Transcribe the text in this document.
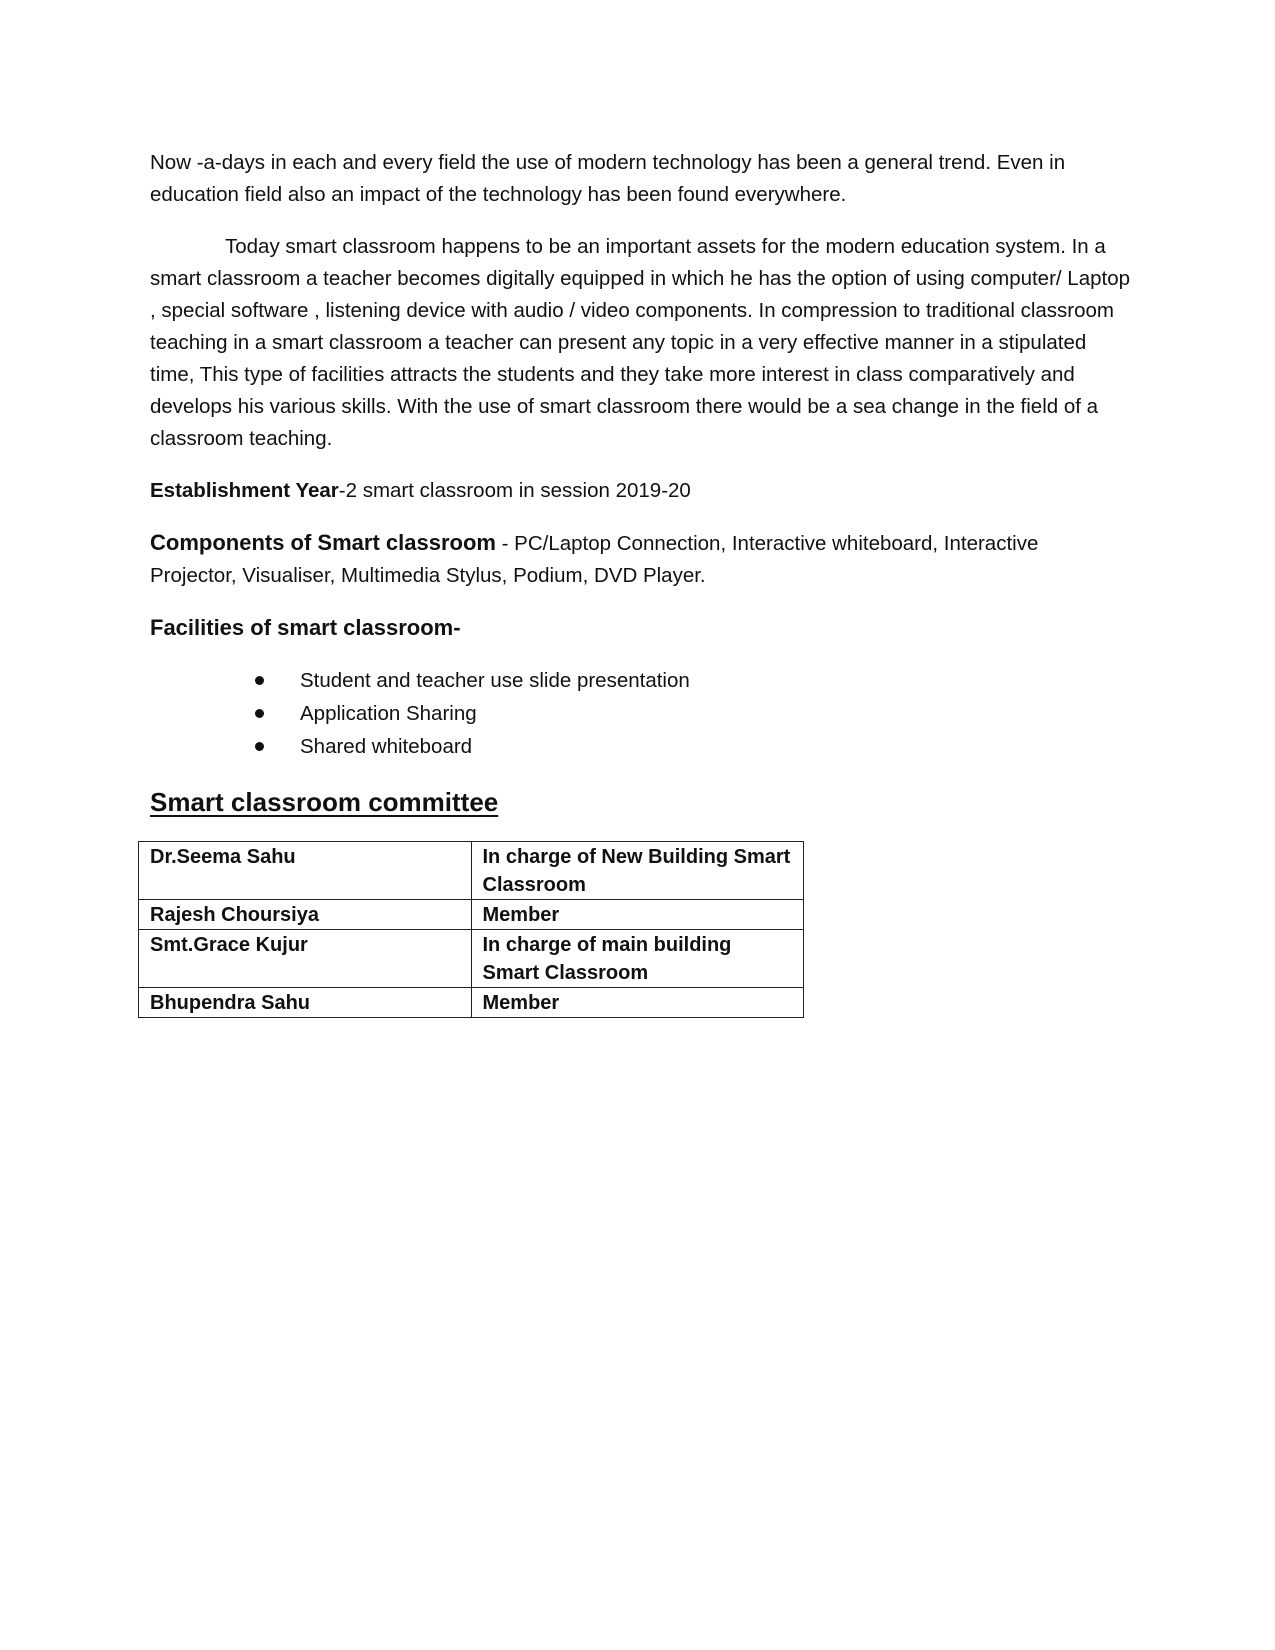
Now -a-days in each and every field the use of modern technology has been a general trend. Even in education field also an impact of the technology has been found everywhere.

Today smart classroom happens to be an important assets for the modern education system. In a smart classroom a teacher becomes digitally equipped in which he has the option of using computer/ Laptop , special software , listening device with audio / video components. In compression to traditional classroom teaching in a smart classroom a teacher can present any topic in a very effective manner in a stipulated time, This type of facilities attracts the students and they take more interest in class comparatively and develops his various skills. With the use of smart classroom there would be a sea change in the field of a classroom teaching.

Establishment Year-2 smart classroom in session 2019-20

Components of Smart classroom - PC/Laptop Connection, Interactive whiteboard, Interactive Projector, Visualiser, Multimedia Stylus, Podium, DVD Player.

Facilities of smart classroom-

Student and teacher use slide presentation
Application Sharing
Shared whiteboard

Smart classroom committee

Dr.Seema Sahu	In charge of New Building Smart Classroom
Rajesh Choursiya	Member
Smt.Grace Kujur	In charge of main building Smart Classroom
Bhupendra Sahu	Member
